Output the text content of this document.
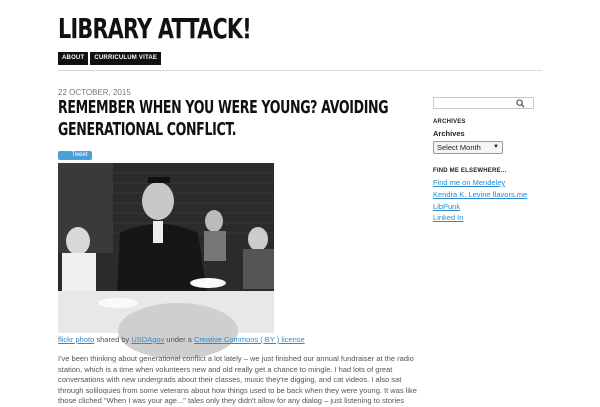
LIBRARY ATTACK!
ABOUT	CURRICULUM VITAE
22 OCTOBER, 2015
REMEMBER WHEN YOU WERE YOUNG? AVOIDING GENERATIONAL CONFLICT.
🐦 Tweet
flickr photo shared by USDAgov under a Creative Commons ( BY ) license
I've been thinking about generational conflict a lot lately – we just finished our annual fundraiser at the radio station, which is a time when volunteers new and old really get a chance to mingle. I had lots of great conversations with new undergrads about their classes, music they're digging, and cat videos. I also sat through soliloquies from some veterans about how things used to be back when they were young. It was like those cliched "When I was your age..." tales only they didn't allow for any dialog – just listening to stories
ARCHIVES
Archives
Select Month ▼
FIND ME ELSEWHERE...
Find me on Mendeley
Kendra K. Levine flavors.me
LibPunk
Linked In
